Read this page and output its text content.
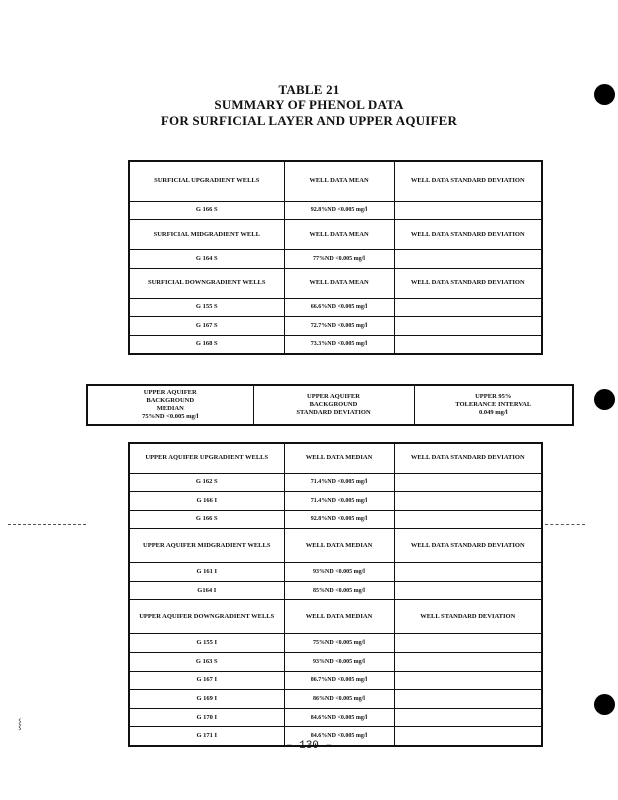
TABLE 21
SUMMARY OF PHENOL DATA
FOR SURFICIAL LAYER AND UPPER AQUIFER
SURFICIAL UPGRADIENT WELLS	WELL DATA MEAN	WELL DATA STANDARD DEVIATION
G 166 S	92.8%ND <0.005 mg/l	
SURFICIAL MIDGRADIENT WELL	WELL DATA MEAN	WELL DATA STANDARD DEVIATION
G 164 S	77%ND <0.005 mg/l	
SURFICIAL DOWNGRADIENT WELLS	WELL DATA MEAN	WELL DATA STANDARD DEVIATION
G 155 S	66.6%ND <0.005 mg/l	
G 167 S	72.7%ND <0.005 mg/l	
G 168 S	73.3%ND <0.005 mg/l	
UPPER AQUIFER
BACKGROUND
MEDIAN
75%ND <0.005 mg/l	UPPER AQUIFER
BACKGROUND
STANDARD DEVIATION	UPPER 95%
TOLERANCE INTERVAL
0.049 mg/l
UPPER AQUIFER UPGRADIENT WELLS	WELL DATA MEDIAN	WELL DATA STANDARD DEVIATION
G 162 S	71.4%ND <0.005 mg/l	
G 166 I	71.4%ND <0.005 mg/l	
G 166 S	92.8%ND <0.005 mg/l	
UPPER AQUIFER MIDGRADIENT WELLS	WELL DATA MEDIAN	WELL DATA STANDARD DEVIATION
G 161 I	93%ND <0.005 mg/l	
G164 I	85%ND <0.005 mg/l	
UPPER AQUIFER DOWNGRADIENT WELLS	WELL DATA MEDIAN	WELL STANDARD DEVIATION
G 155 I	75%ND <0.005 mg/l	
G 163 S	93%ND <0.005 mg/l	
G 167 I	86.7%ND <0.005 mg/l	
G 169 I	86%ND <0.005 mg/l	
G 170 I	84.6%ND <0.005 mg/l	
G 171 I	84.6%ND <0.005 mg/l	
⸾
– 130 –
